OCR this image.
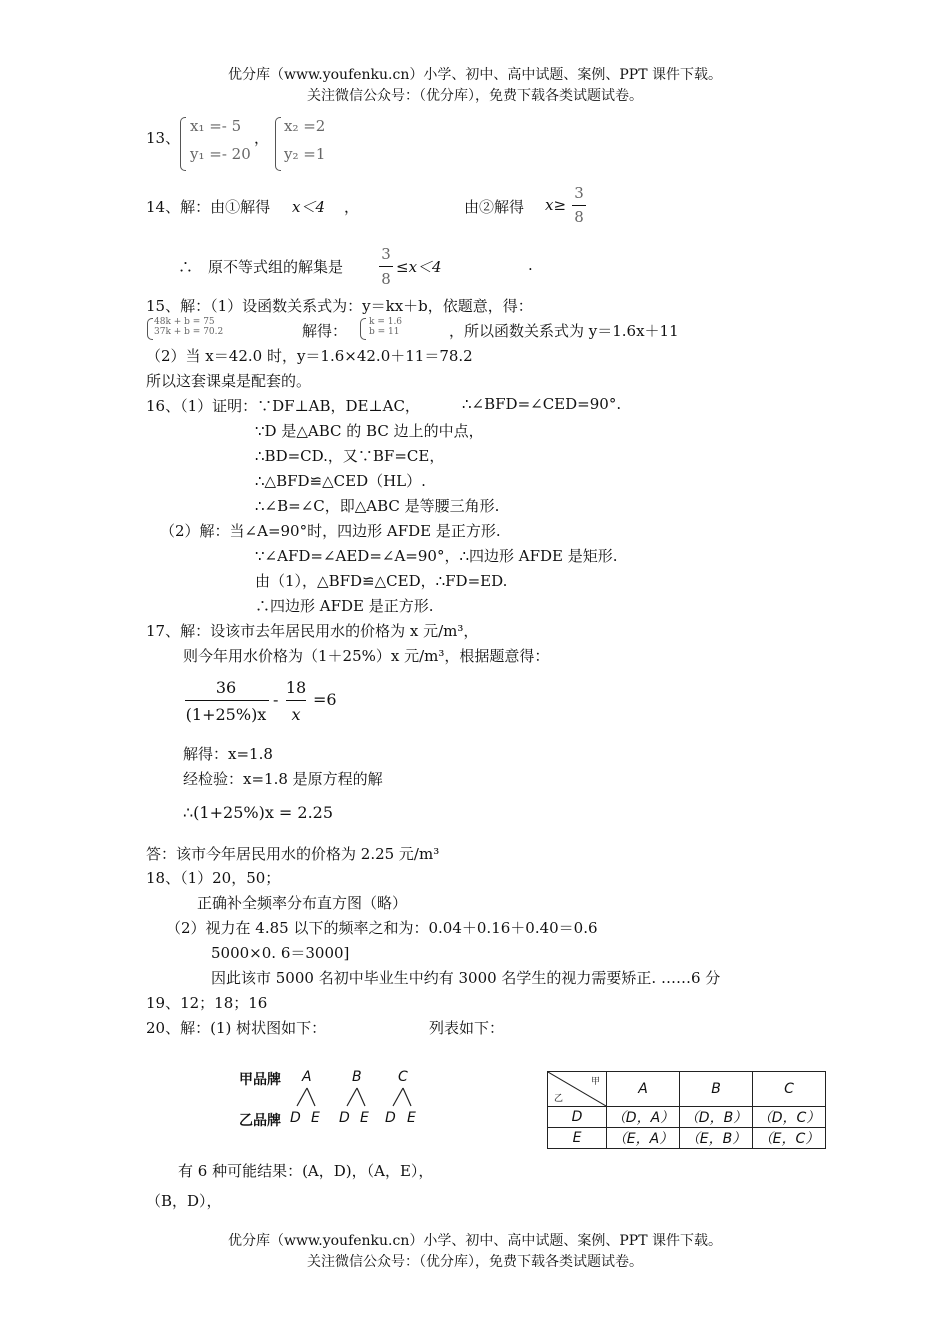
优分库（www.youfenku.cn）小学、初中、高中试题、案例、PPT 课件下载。
关注微信公众号：（优分库），免费下载各类试题试卷。
13、
x₁ =- 5
y₁ =- 20
，
x₂ =2
y₂ =1
14、解：由①解得 x＜4 ，	由②解得 x≥
3
8
∴　原不等式组的解集是
3
8
≤x＜4	.
15、解：（1）设函数关系式为：y＝kx＋b，依题意，得：
48k + b = 75
37k + b = 70.2	解得： k = 1.6
b = 11	，所以函数关系式为 y＝1.6x＋11
（2）当 x＝42.0 时，y＝1.6×42.0＋11＝78.2
所以这套课桌是配套的。
16、（1）证明：∵DF⊥AB，DE⊥AC，	∴∠BFD=∠CED=90°.
∵D 是△ABC 的 BC 边上的中点，
∴BD=CD.，又∵BF=CE，
∴△BFD≌△CED（HL）.
∴∠B=∠C，即△ABC 是等腰三角形.
（2）解：当∠A=90°时，四边形 AFDE 是正方形.
∵∠AFD=∠AED=∠A=90°，∴四边形 AFDE 是矩形.
由（1），△BFD≌△CED，∴FD=ED.
∴四边形 AFDE 是正方形.
17、解：设该市去年居民用水的价格为 x 元/m³，
则今年用水价格为（1＋25%）x 元/m³，根据题意得：
36
(1+25%)x
-
18
x
=6
解得：x=1.8
经检验：x=1.8 是原方程的解
∴(1+25%)x = 2.25
答：该市今年居民用水的价格为 2.25 元/m³
18、（1）20，50；
正确补全频率分布直方图（略）
（2）视力在 4.85 以下的频率之和为：0.04＋0.16＋0.40＝0.6
5000×0. 6＝3000]
因此该市 5000 名初中毕业生中约有 3000 名学生的视力需要矫正. ……6 分
19、12；18；16
20、解：(1) 树状图如下：	列表如下：
甲品牌
乙品牌
A	B	C
D E D E D E
甲
乙	A	B	C
D	（D，A）	（D，B）	（D，C）
E	（E，A）	（E，B）	（E，C）
有 6 种可能结果：(A，D)，（A，E），
（B，D），
优分库（www.youfenku.cn）小学、初中、高中试题、案例、PPT 课件下载。
关注微信公众号：（优分库），免费下载各类试题试卷。
